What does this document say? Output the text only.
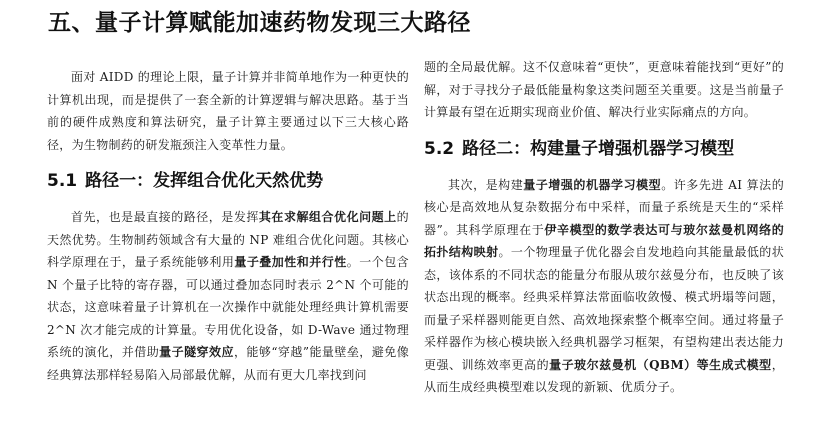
五、量子计算赋能加速药物发现三大路径

面对 AIDD 的理论上限，量子计算并非简单地作为一种更快的计算机出现，而是提供了一套全新的计算逻辑与解决思路。基于当前的硬件成熟度和算法研究，量子计算主要通过以下三大核心路径，为生物制药的研发瓶颈注入变革性力量。

5.1 路径一：发挥组合优化天然优势

首先，也是最直接的路径，是发挥其在求解组合优化问题上的天然优势。生物制药领域含有大量的 NP 难组合优化问题。其核心科学原理在于，量子系统能够利用量子叠加性和并行性。一个包含 N 个量子比特的寄存器，可以通过叠加态同时表示 2^N 个可能的状态，这意味着量子计算机在一次操作中就能处理经典计算机需要 2^N 次才能完成的计算量。专用优化设备，如 D-Wave 通过物理系统的演化，并借助量子隧穿效应，能够“穿越”能量壁垒，避免像经典算法那样轻易陷入局部最优解，从而有更大几率找到问

题的全局最优解。这不仅意味着“更快”，更意味着能找到“更好”的解，对于寻找分子最低能量构象这类问题至关重要。这是当前量子计算最有望在近期实现商业价值、解决行业实际痛点的方向。

5.2 路径二：构建量子增强机器学习模型

其次，是构建量子增强的机器学习模型。许多先进 AI 算法的核心是高效地从复杂数据分布中采样，而量子系统是天生的“采样器”。其科学原理在于伊辛模型的数学表达可与玻尔兹曼机网络的拓扑结构映射。一个物理量子优化器会自发地趋向其能量最低的状态，该体系的不同状态的能量分布服从玻尔兹曼分布，也反映了该状态出现的概率。经典采样算法常面临收敛慢、模式坍塌等问题，而量子采样器则能更自然、高效地探索整个概率空间。通过将量子采样器作为核心模块嵌入经典机器学习框架，有望构建出表达能力更强、训练效率更高的量子玻尔兹曼机（QBM）等生成式模型，从而生成经典模型难以发现的新颖、优质分子。
